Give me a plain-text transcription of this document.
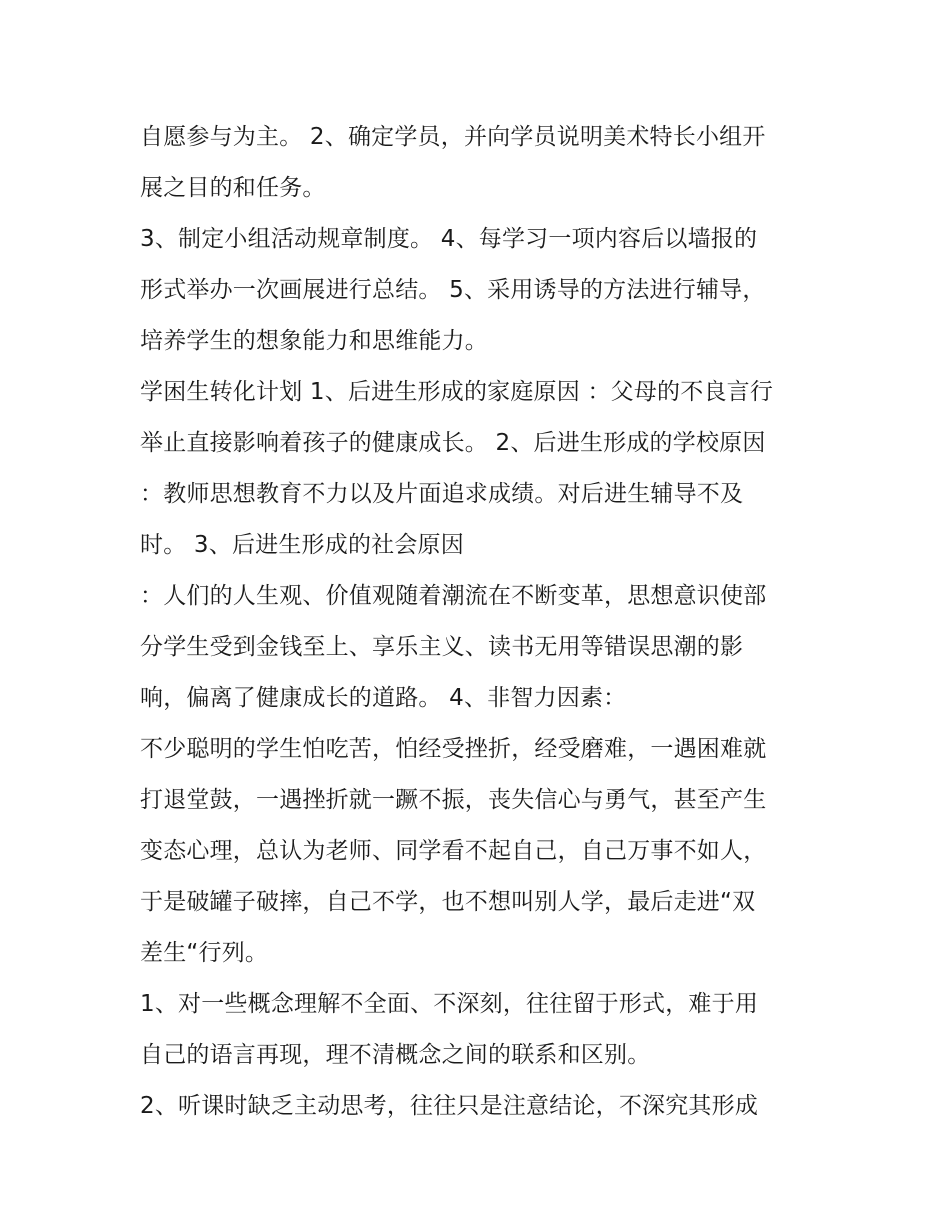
自愿参与为主。 2、确定学员，并向学员说明美术特长小组开
展之目的和任务。

3、制定小组活动规章制度。 4、每学习一项内容后以墙报的
形式举办一次画展进行总结。 5、采用诱导的方法进行辅导，
培养学生的想象能力和思维能力。

学困生转化计划 1、后进生形成的家庭原因 ：父母的不良言行
举止直接影响着孩子的健康成长。 2、后进生形成的学校原因
：教师思想教育不力以及片面追求成绩。对后进生辅导不及
时。 3、后进生形成的社会原因

：人们的人生观、价值观随着潮流在不断变革，思想意识使部
分学生受到金钱至上、享乐主义、读书无用等错误思潮的影
响，偏离了健康成长的道路。 4、非智力因素：

不少聪明的学生怕吃苦，怕经受挫折，经受磨难，一遇困难就
打退堂鼓，一遇挫折就一蹶不振，丧失信心与勇气，甚至产生
变态心理，总认为老师、同学看不起自己，自己万事不如人，
于是破罐子破摔，自己不学，也不想叫别人学，最后走进“双
差生“行列。

1、对一些概念理解不全面、不深刻，往往留于形式，难于用
自己的语言再现，理不清概念之间的联系和区别。

2、听课时缺乏主动思考，往往只是注意结论，不深究其形成
